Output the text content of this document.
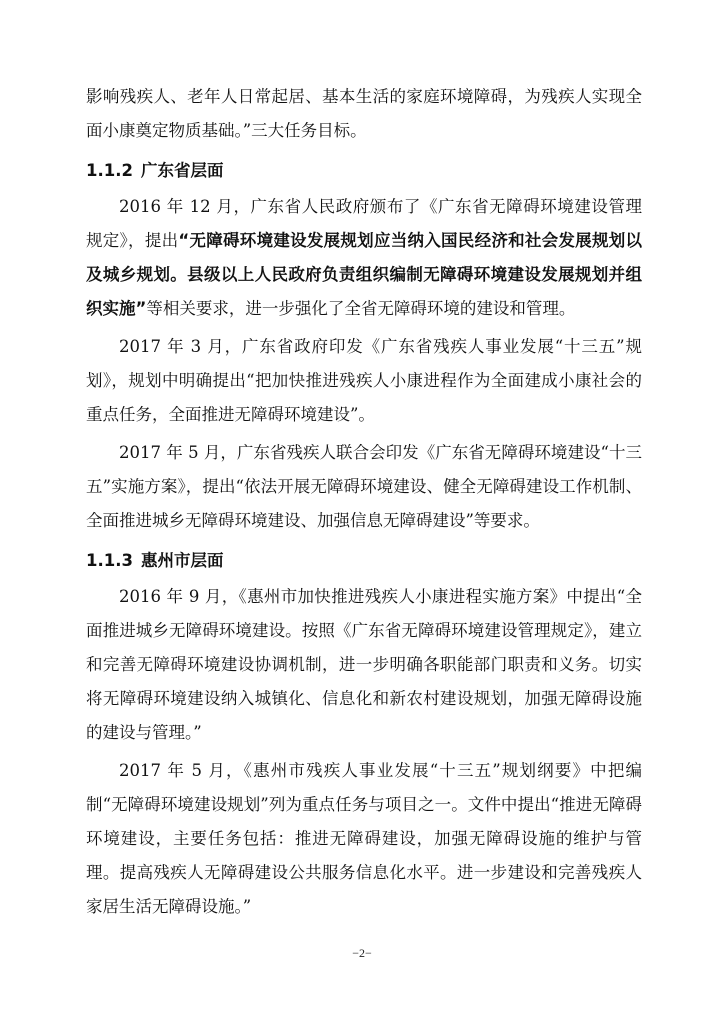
影响残疾人、老年人日常起居、基本生活的家庭环境障碍，为残疾人实现全面小康奠定物质基础。”三大任务目标。

1.1.2 广东省层面

2016 年 12 月，广东省人民政府颁布了《广东省无障碍环境建设管理规定》，提出“无障碍环境建设发展规划应当纳入国民经济和社会发展规划以及城乡规划。县级以上人民政府负责组织编制无障碍环境建设发展规划并组织实施”等相关要求，进一步强化了全省无障碍环境的建设和管理。

2017 年 3 月，广东省政府印发《广东省残疾人事业发展“十三五”规划》，规划中明确提出“把加快推进残疾人小康进程作为全面建成小康社会的重点任务，全面推进无障碍环境建设”。

2017 年 5 月，广东省残疾人联合会印发《广东省无障碍环境建设“十三五”实施方案》，提出“依法开展无障碍环境建设、健全无障碍建设工作机制、全面推进城乡无障碍环境建设、加强信息无障碍建设”等要求。

1.1.3 惠州市层面

2016 年 9 月，《惠州市加快推进残疾人小康进程实施方案》中提出“全面推进城乡无障碍环境建设。按照《广东省无障碍环境建设管理规定》，建立和完善无障碍环境建设协调机制，进一步明确各职能部门职责和义务。切实将无障碍环境建设纳入城镇化、信息化和新农村建设规划，加强无障碍设施的建设与管理。”

2017 年 5 月，《惠州市残疾人事业发展“十三五”规划纲要》中把编制“无障碍环境建设规划”列为重点任务与项目之一。文件中提出“推进无障碍环境建设，主要任务包括：推进无障碍建设，加强无障碍设施的维护与管理。提高残疾人无障碍建设公共服务信息化水平。进一步建设和完善残疾人家居生活无障碍设施。”

−2−
